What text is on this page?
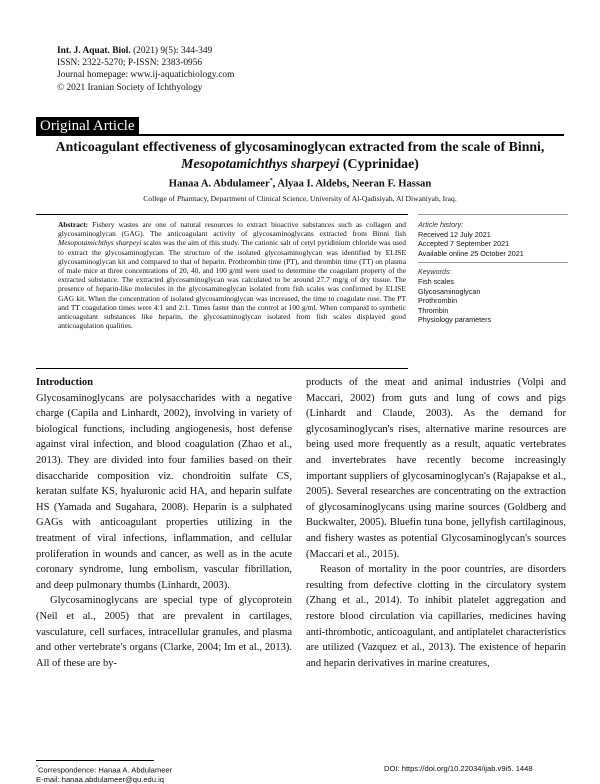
Int. J. Aquat. Biol. (2021) 9(5): 344-349
ISSN: 2322-5270; P-ISSN: 2383-0956
Journal homepage: www.ij-aquaticbiology.com
© 2021 Iranian Society of Ichthyology
Original Article
Anticoagulant effectiveness of glycosaminoglycan extracted from the scale of Binni,
Mesopotamichthys sharpeyi (Cyprinidae)
Hanaa A. Abdulameer*, Alyaa I. Aldebs, Neeran F. Hassan
College of Pharmacy, Department of Clinical Science, University of Al-Qadisiyah, Al Diwaniyah, Iraq.
Abstract: Fishery wastes are one of natural resources to extract bioactive substances such as collagen and glycosaminoglycan (GAG). The anticoagulant activity of glycosaminoglycans extracted from Binni fish Mesopotamichthys sharpeyi scales was the aim of this study. The cationic salt of cetyl pyridinium chloride was used to extract the glycosaminoglycan. The structure of the isolated glycosaminoglycan was identified by ELISE glycosaminoglycan kit and compared to that of heparin. Prothrombin time (PT), and thrombin time (TT) on plasma of male mice at three concentrations of 20, 40, and 100 g/ml were used to determine the coagulant property of the extracted substance. The extracted glycosaminoglycan was calculated to be around 27.7 mg/g of dry tissue. The presence of heparin-like molecules in the glycosaminoglycan isolated from fish scales was confirmed by ELISE GAG kit. When the concentration of isolated glycosaminoglycan was increased, the time to coagulate rose. The PT and TT coagulation times were 4:1 and 2:1. Times faster than the control at 100 g/ml. When compared to synthetic anticoagulant substances like heparin, the glycosaminoglycan isolated from fish scales displayed good anticoagulation qualities.
Article history:
Received 12 July 2021
Accepted 7 September 2021
Available online 25 October 2021
Keywords:
Fish scales
Glycosaminoglycan
Prothrombin
Thrombin
Physiology parameters
Introduction

Glycosaminoglycans are polysaccharides with a negative charge (Capila and Linhardt, 2002), involving in variety of biological functions, including angiogenesis, host defense against viral infection, and blood coagulation (Zhao et al., 2013). They are divided into four families based on their disaccharide composition viz. chondroitin sulfate CS, keratan sulfate KS, hyaluronic acid HA, and heparin sulfate HS (Yamada and Sugahara, 2008). Heparin is a sulphated GAGs with anticoagulant properties utilizing in the treatment of viral infections, inflammation, and cellular proliferation in wounds and cancer, as well as in the acute coronary syndrome, lung embolism, vascular fibrillation, and deep pulmonary thumbs (Linhardt, 2003).

Glycosaminoglycans are special type of glycoprotein (Neil et al., 2005) that are prevalent in cartilages, vasculature, cell surfaces, intracellular granules, and plasma and other vertebrate's organs (Clarke, 2004; Im et al., 2013). All of these are by-

products of the meat and animal industries (Volpi and Maccari, 2002) from guts and lung of cows and pigs (Linhardt and Claude, 2003). As the demand for glycosaminoglycan's rises, alternative marine resources are being used more frequently as a result, aquatic vertebrates and invertebrates have recently become increasingly important suppliers of glycosaminoglycan's (Rajapakse et al., 2005). Several researches are concentrating on the extraction of glycosaminoglycans using marine sources (Goldberg and Buckwalter, 2005). Bluefin tuna bone, jellyfish cartilaginous, and fishery wastes as potential Glycosaminoglycan's sources (Maccari et al., 2015).

Reason of mortality in the poor countries, are disorders resulting from defective clotting in the circulatory system (Zhang et al., 2014). To inhibit platelet aggregation and restore blood circulation via capillaries, medicines having anti-thrombotic, anticoagulant, and antiplatelet characteristics are utilized (Vazquez et al., 2013). The existence of heparin and heparin derivatives in marine creatures,

*Correspondence: Hanaa A. Abdulameer
E-mail: hanaa.abdulameer@qu.edu.iq
DOI: https://doi.org/10.22034/ijab.v9i5. 1448
